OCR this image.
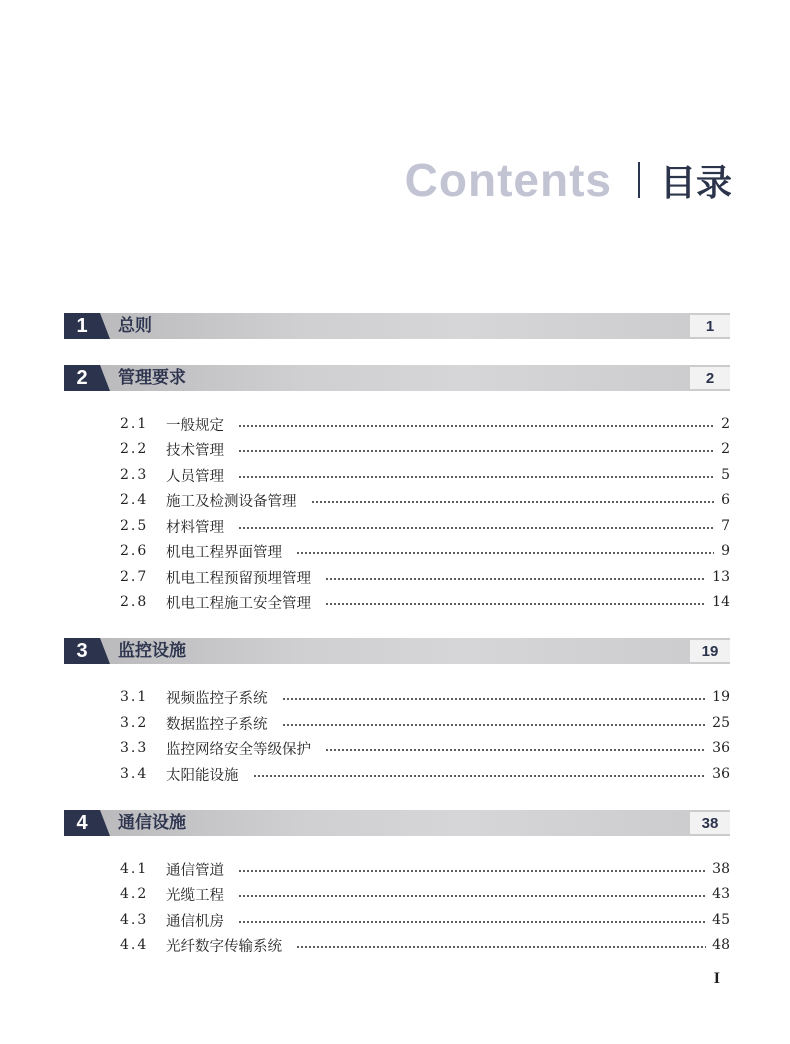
Contents 目录
1	总则	1
2	管理要求	2
2.1	一般规定	2
2.2	技术管理	2
2.3	人员管理	5
2.4	施工及检测设备管理	6
2.5	材料管理	7
2.6	机电工程界面管理	9
2.7	机电工程预留预埋管理	13
2.8	机电工程施工安全管理	14
3	监控设施	19
3.1	视频监控子系统	19
3.2	数据监控子系统	25
3.3	监控网络安全等级保护	36
3.4	太阳能设施	36
4	通信设施	38
4.1	通信管道	38
4.2	光缆工程	43
4.3	通信机房	45
4.4	光纤数字传输系统	48
I
